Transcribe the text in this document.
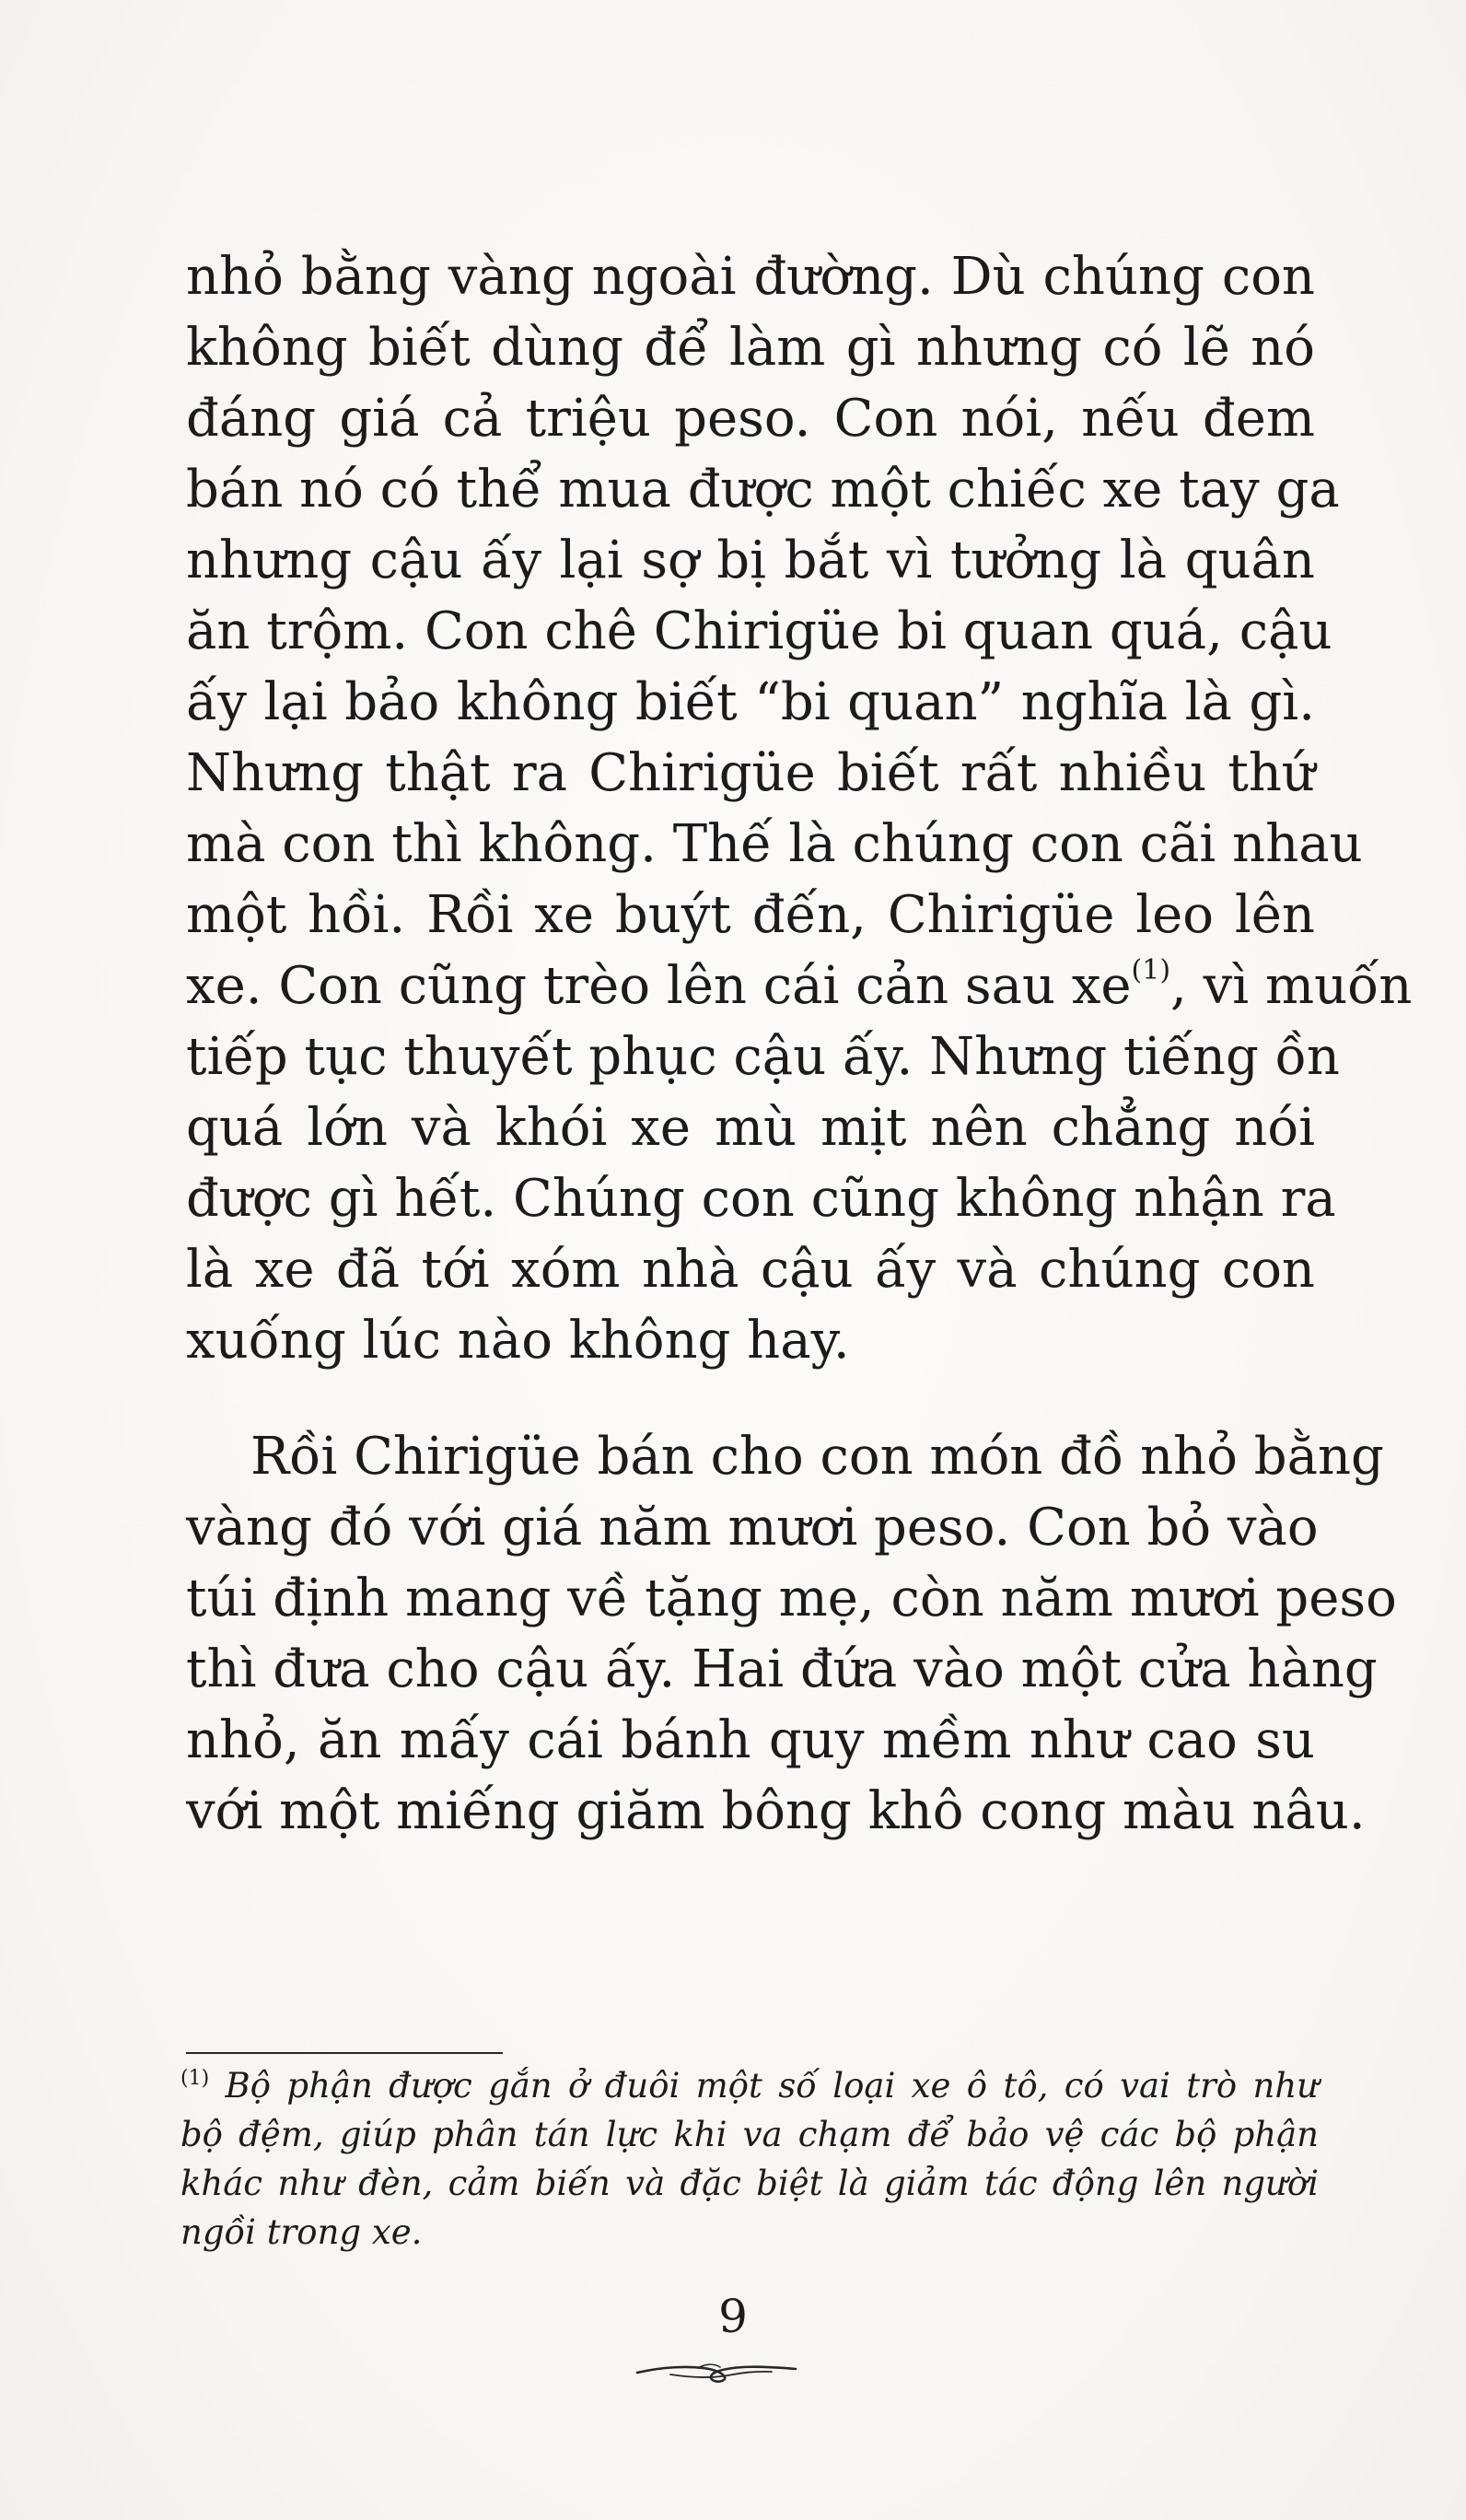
nhỏ bằng vàng ngoài đường. Dù chúng con
không biết dùng để làm gì nhưng có lẽ nó
đáng giá cả triệu peso. Con nói, nếu đem
bán nó có thể mua được một chiếc xe tay ga
nhưng cậu ấy lại sợ bị bắt vì tưởng là quân
ăn trộm. Con chê Chirigüe bi quan quá, cậu
ấy lại bảo không biết “bi quan” nghĩa là gì.
Nhưng thật ra Chirigüe biết rất nhiều thứ
mà con thì không. Thế là chúng con cãi nhau
một hồi. Rồi xe buýt đến, Chirigüe leo lên
xe. Con cũng trèo lên cái cản sau xe$^{(1)}$, vì muốn
tiếp tục thuyết phục cậu ấy. Nhưng tiếng ồn
quá lớn và khói xe mù mịt nên chẳng nói
được gì hết. Chúng con cũng không nhận ra
là xe đã tới xóm nhà cậu ấy và chúng con
xuống lúc nào không hay.
Rồi Chirigüe bán cho con món đồ nhỏ bằng
vàng đó với giá năm mươi peso. Con bỏ vào
túi định mang về tặng mẹ, còn năm mươi peso
thì đưa cho cậu ấy. Hai đứa vào một cửa hàng
nhỏ, ăn mấy cái bánh quy mềm như cao su
với một miếng giăm bông khô cong màu nâu.
$^{(1)}$ Bộ phận được gắn ở đuôi một số loại xe ô tô, có vai trò như
bộ đệm, giúp phân tán lực khi va chạm để bảo vệ các bộ phận
khác như đèn, cảm biến và đặc biệt là giảm tác động lên người
ngồi trong xe.
9
